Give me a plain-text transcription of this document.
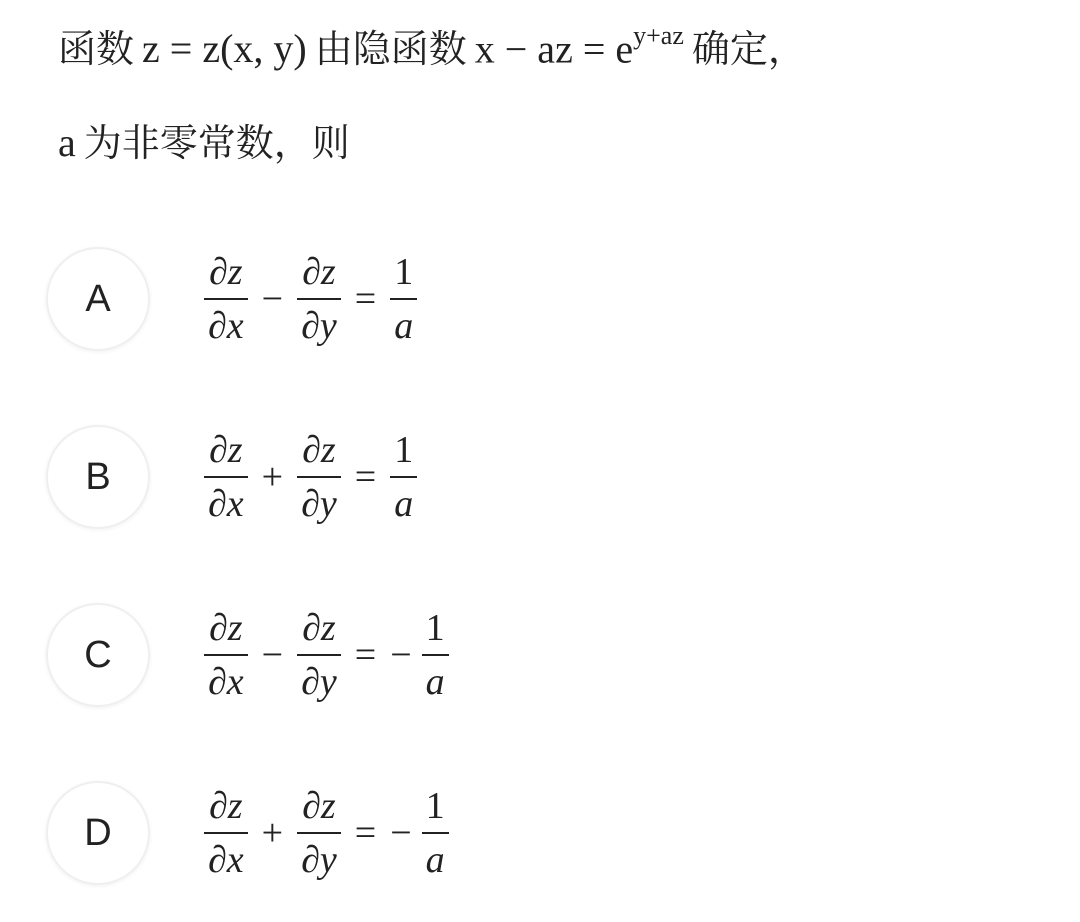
函数 z = z(x, y) 由隐函数 x − az = $e^{y+az}$ 确定，
a 为非零常数，则
A	$\frac{\partial z}{\partial x} - \frac{\partial z}{\partial y} = \frac{1}{a}$
B	$\frac{\partial z}{\partial x} + \frac{\partial z}{\partial y} = \frac{1}{a}$
C	$\frac{\partial z}{\partial x} - \frac{\partial z}{\partial y}$ = − $\frac{1}{a}$
D	$\frac{\partial z}{\partial x} + \frac{\partial z}{\partial y}$ = − $\frac{1}{a}$
